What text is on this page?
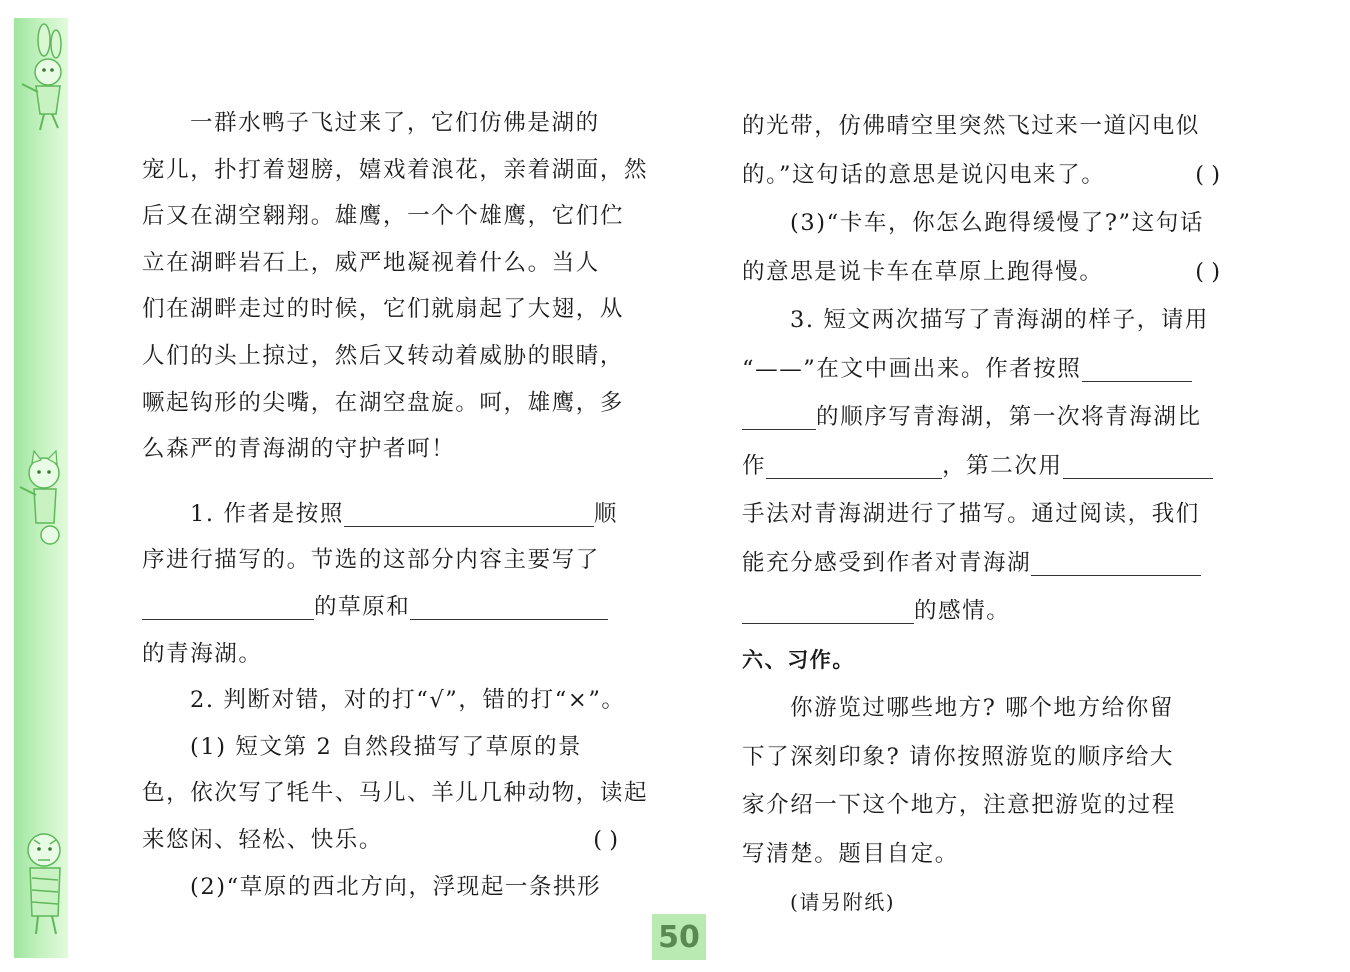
一群水鸭子飞过来了，它们仿佛是湖的
宠儿，扑打着翅膀，嬉戏着浪花，亲着湖面，然
后又在湖空翱翔。雄鹰，一个个雄鹰，它们伫
立在湖畔岩石上，威严地凝视着什么。当人
们在湖畔走过的时候，它们就扇起了大翅，从
人们的头上掠过，然后又转动着威胁的眼睛，
噘起钩形的尖嘴，在湖空盘旋。呵，雄鹰，多
么森严的青海湖的守护者呵！
1. 作者是按照	顺
序进行描写的。节选的这部分内容主要写了
的草原和
的青海湖。
2. 判断对错，对的打“√”，错的打“×”。
(1) 短文第 2 自然段描写了草原的景
色，依次写了牦牛、马儿、羊儿几种动物，读起
来悠闲、轻松、快乐。	( )
(2)“草原的西北方向，浮现起一条拱形
的光带，仿佛晴空里突然飞过来一道闪电似
的。”这句话的意思是说闪电来了。	( )
(3)“卡车，你怎么跑得缓慢了?”这句话
的意思是说卡车在草原上跑得慢。	( )
3. 短文两次描写了青海湖的样子，请用
“——”在文中画出来。作者按照
的顺序写青海湖，第一次将青海湖比
作	，第二次用
手法对青海湖进行了描写。通过阅读，我们
能充分感受到作者对青海湖
的感情。
六、习作。
你游览过哪些地方? 哪个地方给你留
下了深刻印象? 请你按照游览的顺序给大
家介绍一下这个地方，注意把游览的过程
写清楚。题目自定。
(请另附纸)
50
